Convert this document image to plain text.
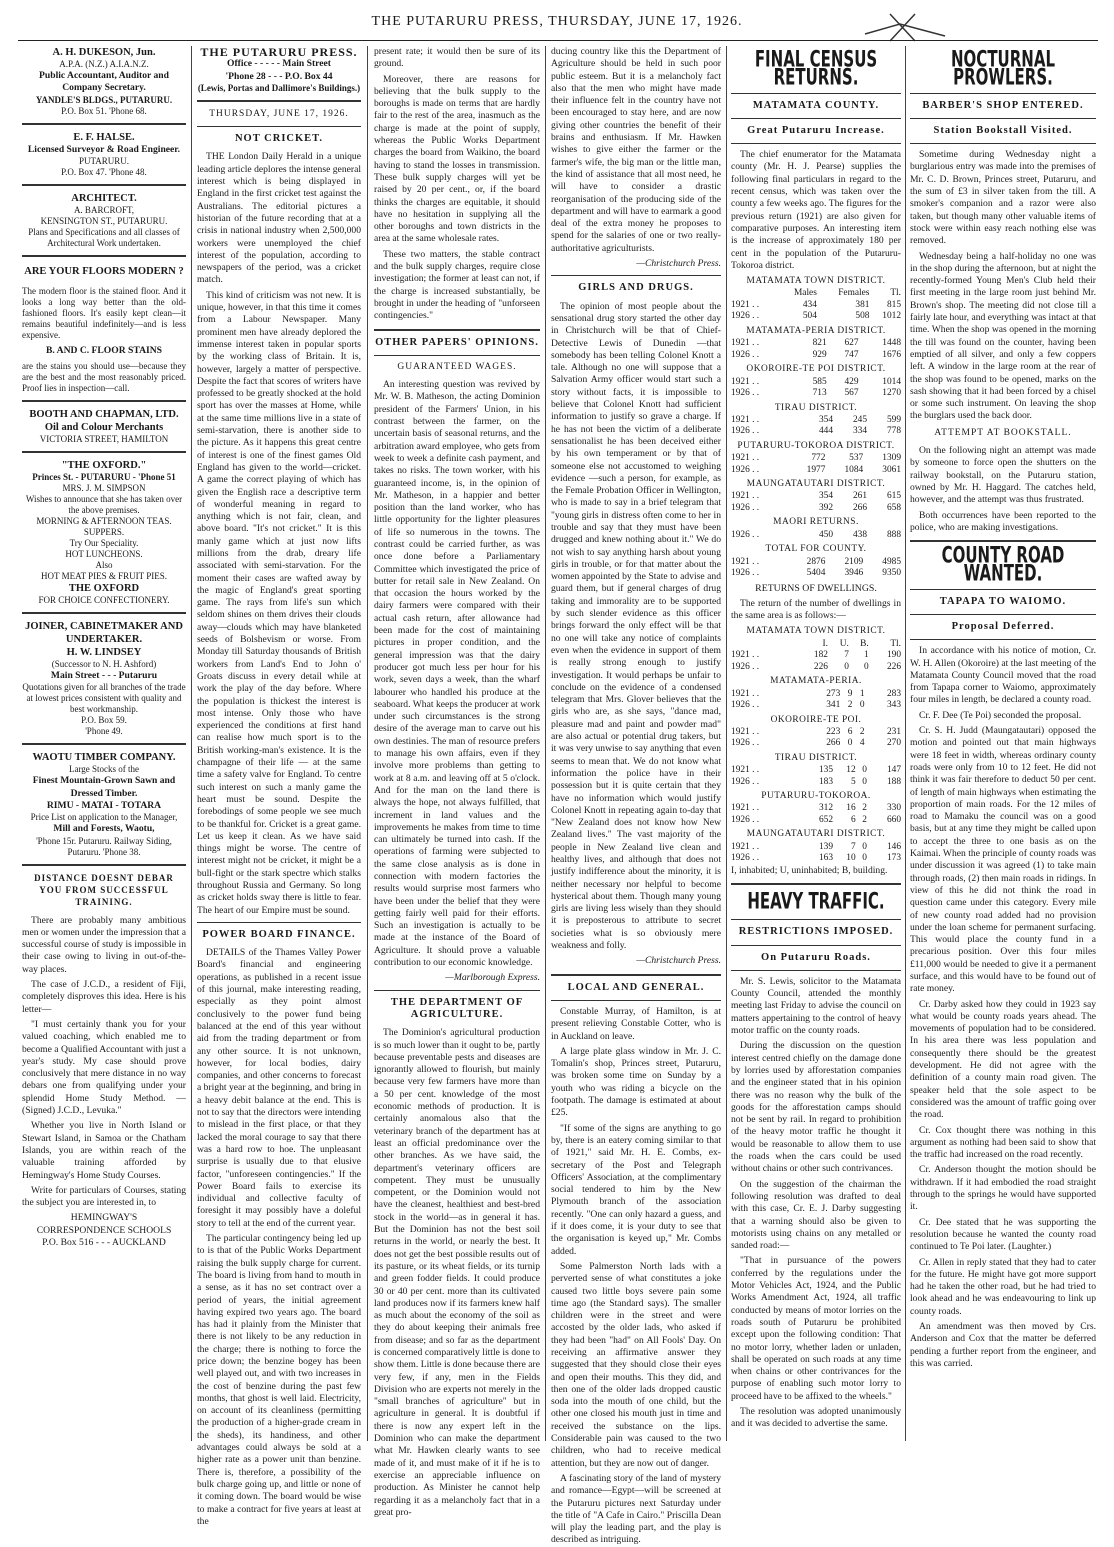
THE PUTARURU PRESS, THURSDAY, JUNE 17, 1926.
A. H. DUKESON, Jun.
A.P.A. (N.Z.) A.I.A.N.Z.
Public Accountant, Auditor and Company Secretary.
YANDLE'S BLDGS., PUTARURU.
P.O. Box 51. 'Phone 68.
E. F. HALSE.
Licensed Surveyor & Road Engineer.
PUTARURU.
P.O. Box 47. 'Phone 48.
ARCHITECT.
A. BARCROFT,
KENSINGTON ST., PUTARURU.
Plans and Specifications and all classes of Architectural Work undertaken.
ARE YOUR FLOORS MODERN ?
The modern floor is the stained floor. And it looks a long way better than the old-fashioned floors. It's easily kept clean—it remains beautiful indefinitely—and is less expensive.
B. AND C. FLOOR STAINS
are the stains you should use—because they are the best and the most reasonably priced. Proof lies in inspection—call.
BOOTH AND CHAPMAN, LTD.
Oil and Colour Merchants
VICTORIA STREET, HAMILTON
"THE OXFORD."
Princes St. - PUTARURU - 'Phone 51
MRS. J. M. SIMPSON
Wishes to announce that she has taken over the above premises.
MORNING & AFTERNOON TEAS.
SUPPERS.
Try Our Speciality.
HOT LUNCHEONS.
Also
HOT MEAT PIES & FRUIT PIES.
THE OXFORD
FOR CHOICE CONFECTIONERY.
JOINER, CABINETMAKER AND UNDERTAKER.
H. W. LINDSEY
(Successor to N. H. Ashford)
Main Street - - - Putaruru
Quotations given for all branches of the trade at lowest prices consistent with quality and best workmanship.
P.O. Box 59.
'Phone 49.
WAOTU TIMBER COMPANY.
Large Stocks of the
Finest Mountain-Grown Sawn and Dressed Timber.
RIMU - MATAI - TOTARA
Price List on application to the Manager,
Mill and Forests, Waotu,
'Phone 15r. Putaruru. Railway Siding, Putaruru. 'Phone 38.
DISTANCE DOESNT DEBAR YOU FROM SUCCESSFUL TRAINING.

There are probably many ambitious men or women under the impression that a successful course of study is impossible in their case owing to living in out-of-the-way places.

The case of J.C.D., a resident of Fiji, completely disproves this idea. Here is his letter—

"I must certainly thank you for your valued coaching, which enabled me to become a Qualified Accountant with just a year's study. My case should prove conclusively that mere distance in no way debars one from qualifying under your splendid Home Study Method. — (Signed) J.C.D., Levuka."

Whether you live in North Island or Stewart Island, in Samoa or the Chatham Islands, you are within reach of the valuable training afforded by Hemingway's Home Study Courses.

Write for particulars of Courses, stating the subject you are interested in, to

HEMINGWAY'S
CORRESPONDENCE SCHOOLS
P.O. Box 516 - - - AUCKLAND
THE PUTARURU PRESS.
Office - - - - - Main Street
'Phone 28 - - - P.O. Box 44
(Lewis, Portas and Dallimore's Buildings.)
THURSDAY, JUNE 17, 1926.
NOT CRICKET.

THE London Daily Herald in a unique leading article deplores the intense general interest which is being displayed in England in the first cricket test against the Australians. The editorial pictures a historian of the future recording that at a crisis in national industry when 2,500,000 workers were unemployed the chief interest of the population, according to newspapers of the period, was a cricket match.

This kind of criticism was not new. It is unique, however, in that this time it comes from a Labour Newspaper. Many prominent men have already deplored the immense interest taken in popular sports by the working class of Britain. It is, however, largely a matter of perspective. Despite the fact that scores of writers have professed to be greatly shocked at the hold sport has over the masses at Home, while at the same time millions live in a state of semi-starvation, there is another side to the picture. As it happens this great centre of interest is one of the finest games Old England has given to the world—cricket. A game the correct playing of which has given the English race a descriptive term of wonderful meaning in regard to anything which is not fair, clean, and above board. "It's not cricket." It is this manly game which at just now lifts millions from the drab, dreary life associated with semi-starvation. For the moment their cases are wafted away by the magic of England's great sporting game. The rays from life's sun which seldom shines on them drives their clouds away—clouds which may have blanketed seeds of Bolshevism or worse. From Monday till Saturday thousands of British workers from Land's End to John o' Groats discuss in every detail while at work the play of the day before. Where the population is thickest the interest is most intense. Only those who have experienced the conditions at first hand can realise how much sport is to the British working-man's existence. It is the champagne of their life — at the same time a safety valve for England. To centre such interest on such a manly game the heart must be sound. Despite the forebodings of some people we see much to be thankful for. Cricket is a great game. Let us keep it clean. As we have said things might be worse. The centre of interest might not be cricket, it might be a bull-fight or the stark spectre which stalks throughout Russia and Germany. So long as cricket holds sway there is little to fear. The heart of our Empire must be sound.

POWER BOARD FINANCE.

DETAILS of the Thames Valley Power Board's financial and engineering operations, as published in a recent issue of this journal, make interesting reading, especially as they point almost conclusively to the power fund being balanced at the end of this year without aid from the trading department or from any other source. It is not unknown, however, for local bodies, dairy companies, and other concerns to forecast a bright year at the beginning, and bring in a heavy debit balance at the end. This is not to say that the directors were intending to mislead in the first place, or that they lacked the moral courage to say that there was a hard row to hoe. The unpleasant surprise is usually due to that elusive factor, "unforeseen contingencies." If the Power Board fails to exercise its individual and collective faculty of foresight it may possibly have a doleful story to tell at the end of the current year.

The particular contingency being led up to is that of the Public Works Department raising the bulk supply charge for current. The board is living from hand to mouth in a sense, as it has no set contract over a period of years, the initial agreement having expired two years ago. The board has had it plainly from the Minister that there is not likely to be any reduction in the charge; there is nothing to force the price down; the benzine bogey has been well played out, and with two increases in the cost of benzine during the past few months, that ghost is well laid. Electricity, on account of its cleanliness (permitting the production of a higher-grade cream in the sheds), its handiness, and other advantages could always be sold at a higher rate as a power unit than benzine. There is, therefore, a possibility of the bulk charge going up, and little or none of it coming down. The board would be wise to make a contract for five years at least at the

present rate; it would then be sure of its ground.

Moreover, there are reasons for believing that the bulk supply to the boroughs is made on terms that are hardly fair to the rest of the area, inasmuch as the charge is made at the point of supply, whereas the Public Works Department charges the board from Waikino, the board having to stand the losses in transmission. These bulk supply charges will yet be raised by 20 per cent., or, if the board thinks the charges are equitable, it should have no hesitation in supplying all the other boroughs and town districts in the area at the same wholesale rates.

These two matters, the stable contract and the bulk supply charges, require close investigation; the former at least can not, if the charge is increased substantially, be brought in under the heading of "unforseen contingencies."

OTHER PAPERS' OPINIONS.
GUARANTEED WAGES.

An interesting question was revived by Mr. W. B. Matheson, the acting Dominion president of the Farmers' Union, in his contrast between the farmer, on the uncertain basis of seasonal returns, and the arbitration award employee, who gets from week to week a definite cash payment, and takes no risks. The town worker, with his guaranteed income, is, in the opinion of Mr. Matheson, in a happier and better position than the land worker, who has little opportunity for the lighter pleasures of life so numerous in the towns. The contrast could be carried further, as was once done before a Parliamentary Committee which investigated the price of butter for retail sale in New Zealand. On that occasion the hours worked by the dairy farmers were compared with their actual cash return, after allowance had been made for the cost of maintaining pictures in proper condition, and the general impression was that the dairy producer got much less per hour for his work, seven days a week, than the wharf labourer who handled his produce at the seaboard. What keeps the producer at work under such circumstances is the strong desire of the average man to carve out his own destinies. The man of resource prefers to manage his own affairs, even if they involve more problems than getting to work at 8 a.m. and leaving off at 5 o'clock. And for the man on the land there is always the hope, not always fulfilled, that increment in land values and the improvements he makes from time to time can ultimately be turned into cash. If the operations of farming were subjected to the same close analysis as is done in connection with modern factories the results would surprise most farmers who have been under the belief that they were getting fairly well paid for their efforts. Such an investigation is actually to be made at the instance of the Board of Agriculture. It should prove a valuable contribution to our economic knowledge.

—Marlborough Express.
THE DEPARTMENT OF AGRICULTURE.

The Dominion's agricultural production is so much lower than it ought to be, partly because preventable pests and diseases are ignorantly allowed to flourish, but mainly because very few farmers have more than a 50 per cent. knowledge of the most economic methods of production. It is certainly anomalous also that the veterinary branch of the department has at least an official predominance over the other branches. As we have said, the department's veterinary officers are competent. They must be unusually competent, or the Dominion would not have the cleanest, healthiest and best-bred stock in the world—as in general it has. But the Dominion has not the best soil returns in the world, or nearly the best. It does not get the best possible results out of its pasture, or its wheat fields, or its turnip and green fodder fields. It could produce 30 or 40 per cent. more than its cultivated land produces now if its farmers knew half as much about the economy of the soil as they do about keeping their animals free from disease; and so far as the department is concerned comparatively little is done to show them. Little is done because there are very few, if any, men in the Fields Division who are experts not merely in the "small branches of agriculture" but in agriculture in general. It is doubtful if there is now any expert left in the Dominion who can make the department what Mr. Hawken clearly wants to see made of it, and must make of it if he is to exercise an appreciable influence on production. As Minister he cannot help regarding it as a melancholy fact that in a great pro-

ducing country like this the Department of Agriculture should be held in such poor public esteem. But it is a melancholy fact also that the men who might have made their influence felt in the country have not been encouraged to stay here, and are now giving other countries the benefit of their brains and enthusiasm. If Mr. Hawken wishes to give either the farmer or the farmer's wife, the big man or the little man, the kind of assistance that all most need, he will have to consider a drastic reorganisation of the producing side of the department and will have to earmark a good deal of the extra money he proposes to spend for the salaries of one or two really-authoritative agriculturists.

—Christchurch Press.
GIRLS AND DRUGS.

The opinion of most people about the sensational drug story started the other day in Christchurch will be that of Chief-Detective Lewis of Dunedin —that somebody has been telling Colonel Knott a tale. Although no one will suppose that a Salvation Army officer would start such a story without facts, it is impossible to believe that Colonel Knott had sufficient information to justify so grave a charge. If he has not been the victim of a deliberate sensationalist he has been deceived either by his own temperament or by that of someone else not accustomed to weighing evidence —such a person, for example, as the Female Probation Officer in Wellington, who is made to say in a brief telegram that "young girls in distress often come to her in trouble and say that they must have been drugged and knew nothing about it." We do not wish to say anything harsh about young girls in trouble, or for that matter about the women appointed by the State to advise and guard them, but if general charges of drug taking and immorality are to be supported by such slender evidence as this officer brings forward the only effect will be that no one will take any notice of complaints even when the evidence in support of them is really strong enough to justify investigation. It would perhaps be unfair to conclude on the evidence of a condensed telegram that Mrs. Glover believes that the girls who are, as she says, "dance mad, pleasure mad and paint and powder mad" are also actual or potential drug takers, but it was very unwise to say anything that even seems to mean that. We do not know what information the police have in their possession but it is quite certain that they have no information which would justify Colonel Knott in repeating again to-day that "New Zealand does not know how New Zealand lives." The vast majority of the people in New Zealand live clean and healthy lives, and although that does not justify indifference about the minority, it is neither necessary nor helpful to become hysterical about them. Though many young girls are living less wisely than they should it is preposterous to attribute to secret societies what is so obviously mere weakness and folly.

—Christchurch Press.
LOCAL AND GENERAL.

Constable Murray, of Hamilton, is at present relieving Constable Cotter, who is in Auckland on leave.

A large plate glass window in Mr. J. C. Tomalin's shop, Princes street, Putaruru, was broken some time on Sunday by a youth who was riding a bicycle on the footpath. The damage is estimated at about £25.

"If some of the signs are anything to go by, there is an eatery coming similar to that of 1921," said Mr. H. E. Combs, ex-secretary of the Post and Telegraph Officers' Association, at the complimentary social tendered to him by the New Plymouth branch of the association recently. "One can only hazard a guess, and if it does come, it is your duty to see that the organisation is keyed up," Mr. Combs added.

Some Palmerston North lads with a perverted sense of what constitutes a joke caused two little boys severe pain some time ago (the Standard says). The smaller children were in the street and were accosted by the older lads, who asked if they had been "had" on All Fools' Day. On receiving an affirmative answer they suggested that they should close their eyes and open their mouths. This they did, and then one of the older lads dropped caustic soda into the mouth of one child, but the other one closed his mouth just in time and received the substance on the lips. Considerable pain was caused to the two children, who had to receive medical attention, but they are now out of danger.

A fascinating story of the land of mystery and romance—Egypt—will be screened at the Putaruru pictures next Saturday under the title of "A Cafe in Cairo." Priscilla Dean will play the leading part, and the play is described as intriguing.

FINAL CENSUS RETURNS.
MATAMATA COUNTY.
Great Putaruru Increase.

The chief enumerator for the Matamata county (Mr. H. J. Pearse) supplies the following final particulars in regard to the recent census, which was taken over the county a few weeks ago. The figures for the previous return (1921) are also given for comparative purposes. An interesting item is the increase of approximately 180 per cent in the population of the Putaruru-Tokoroa district.

MATAMATA TOWN DISTRICT.
	Males	Females	Tl.
1921 . .	434	381	815
1926 . .	504	508	1012
MATAMATA-PERIA DISTRICT.
1921 . .	821	627	1448
1926 . .	929	747	1676
OKOROIRE-TE POI DISTRICT.
1921 . .	585	429	1014
1926 . .	713	567	1270
TIRAU DISTRICT.
1921 . .	354	245	599
1926 . .	444	334	778
PUTARURU-TOKOROA DISTRICT.
1921 . .	772	537	1309
1926 . .	1977	1084	3061
MAUNGATAUTARI DISTRICT.
1921 . .	354	261	615
1926 . .	392	266	658
MAORI RETURNS.
1926 . .	450	438	888
TOTAL FOR COUNTY.
1921 . .	2876	2109	4985
1926 . .	5404	3946	9350
RETURNS OF DWELLINGS.

The return of the number of dwellings in the same area is as follows:—

MATAMATA TOWN DISTRICT.
	I.	U.	B.	Tl.
1921 . .	182	7	1	190
1926 . .	226	0	0	226
MATAMATA-PERIA.
1921 . .	273	9	1	283
1926 . .	341	2	0	343
OKOROIRE-TE POI.
1921 . .	223	6	2	231
1926 . .	266	0	4	270
TIRAU DISTRICT.
1921 . .	135	12	0	147
1926 . .	183	5	0	188
PUTARURU-TOKOROA.
1921 . .	312	16	2	330
1926 . .	652	6	2	660
MAUNGATAUTARI DISTRICT.
1921 . .	139	7	0	146
1926 . .	163	10	0	173

I, inhabited; U, uninhabited; B, building.

HEAVY TRAFFIC.
RESTRICTIONS IMPOSED.
On Putaruru Roads.

Mr. S. Lewis, solicitor to the Matamata County Council, attended the monthly meeting last Friday to advise the council on matters appertaining to the control of heavy motor traffic on the county roads.

During the discussion on the question interest centred chiefly on the damage done by lorries used by afforestation companies and the engineer stated that in his opinion there was no reason why the bulk of the goods for the afforestation camps should not be sent by rail. In regard to prohibition of the heavy motor traffic he thought it would be reasonable to allow them to use the roads when the cars could be used without chains or other such contrivances.

On the suggestion of the chairman the following resolution was drafted to deal with this case, Cr. E. J. Darby suggesting that a warning should also be given to motorists using chains on any metalled or sanded road:—

"That in pursuance of the powers conferred by the regulations under the Motor Vehicles Act, 1924, and the Public Works Amendment Act, 1924, all traffic conducted by means of motor lorries on the roads south of Putaruru be prohibited except upon the following condition: That no motor lorry, whether laden or unladen, shall be operated on such roads at any time when chains or other contrivances for the purpose of enabling such motor lorry to proceed have to be affixed to the wheels."

The resolution was adopted unanimously and it was decided to advertise the same.

NOCTURNAL PROWLERS.
BARBER'S SHOP ENTERED.
Station Bookstall Visited.

Sometime during Wednesday night a burglarious entry was made into the premises of Mr. C. D. Brown, Princes street, Putaruru, and the sum of £3 in silver taken from the till. A smoker's companion and a razor were also taken, but though many other valuable items of stock were within easy reach nothing else was removed.

Wednesday being a half-holiday no one was in the shop during the afternoon, but at night the recently-formed Young Men's Club held their first meeting in the large room just behind Mr. Brown's shop. The meeting did not close till a fairly late hour, and everything was intact at that time. When the shop was opened in the morning the till was found on the counter, having been emptied of all silver, and only a few coppers left. A window in the large room at the rear of the shop was found to be opened, marks on the sash showing that it had been forced by a chisel or some such instrument. On leaving the shop the burglars used the back door.

ATTEMPT AT BOOKSTALL.

On the following night an attempt was made by someone to force open the shutters on the railway bookstall, on the Putaruru station, owned by Mr. H. Haggard. The catches held, however, and the attempt was thus frustrated.

Both occurrences have been reported to the police, who are making investigations.

COUNTY ROAD WANTED.
TAPAPA TO WAIOMO.
Proposal Deferred.

In accordance with his notice of motion, Cr. W. H. Allen (Okoroire) at the last meeting of the Matamata County Council moved that the road from Tapapa corner to Waiomo, approximately four miles in length, be declared a county road.

Cr. F. Dee (Te Poi) seconded the proposal.

Cr. S. H. Judd (Maungatautari) opposed the motion and pointed out that main highways were 18 feet in width, whereas ordinary county roads were only from 10 to 12 feet. He did not think it was fair therefore to deduct 50 per cent. of length of main highways when estimating the proportion of main roads. For the 12 miles of road to Mamaku the council was on a good basis, but at any time they might be called upon to accept the three to one basis as on the Kaimai. When the principle of county roads was under discussion it was agreed (1) to take main through roads, (2) then main roads in ridings. In view of this he did not think the road in question came under this category. Every mile of new county road added had no provision under the loan scheme for permanent surfacing. This would place the county fund in a precarious position. Over this four miles £11,000 would be needed to give it a permanent surface, and this would have to be found out of rate money.

Cr. Darby asked how they could in 1923 say what would be county roads years ahead. The movements of population had to be considered. In his area there was less population and consequently there should be the greatest development. He did not agree with the definition of a county main road given. The speaker held that the sole aspect to be considered was the amount of traffic going over the road.

Cr. Cox thought there was nothing in this argument as nothing had been said to show that the traffic had increased on the road recently.

Cr. Anderson thought the motion should be withdrawn. If it had embodied the road straight through to the springs he would have supported it.

Cr. Dee stated that he was supporting the resolution because he wanted the county road continued to Te Poi later. (Laughter.)

Cr. Allen in reply stated that they had to cater for the future. He might have got more support had he taken the other road, but he had tried to look ahead and he was endeavouring to link up county roads.

An amendment was then moved by Crs. Anderson and Cox that the matter be deferred pending a further report from the engineer, and this was carried.
